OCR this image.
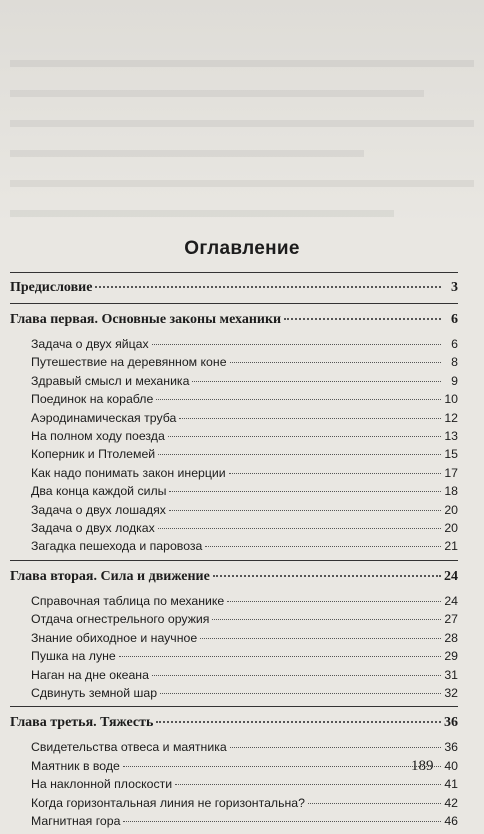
Оглавление
Предисловие	3
Глава первая. Основные законы механики	6
Задача о двух яйцах	6
Путешествие на деревянном коне	8
Здравый смысл и механика	9
Поединок на корабле	10
Аэродинамическая труба	12
На полном ходу поезда	13
Коперник и Птолемей	15
Как надо понимать закон инерции	17
Два конца каждой силы	18
Задача о двух лошадях	20
Задача о двух лодках	20
Загадка пешехода и паровоза	21
Глава вторая. Сила и движение	24
Справочная таблица по механике	24
Отдача огнестрельного оружия	27
Знание обиходное и научное	28
Пушка на луне	29
Наган на дне океана	31
Сдвинуть земной шар	32
Глава третья. Тяжесть	36
Свидетельства отвеса и маятника	36
Маятник в воде	40
На наклонной плоскости	41
Когда горизонтальная линия не горизонтальна?	42
Магнитная гора	46
189
